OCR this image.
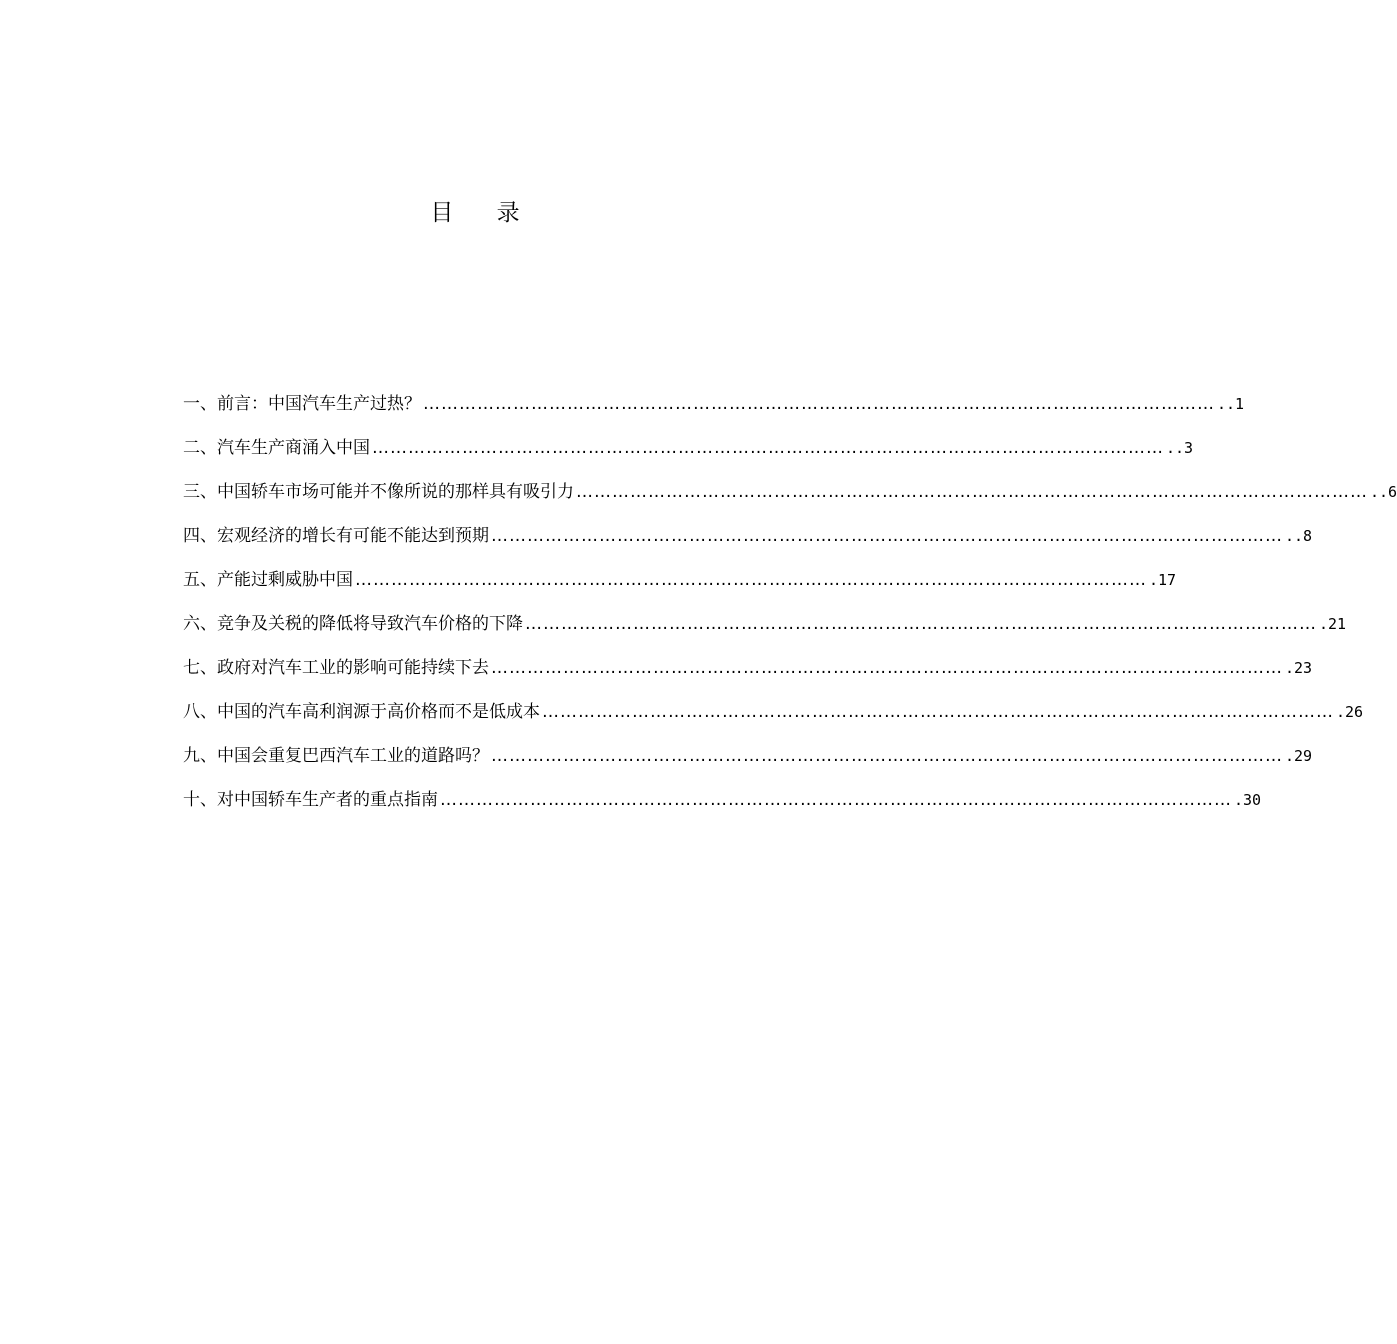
目 录
一、前言：中国汽车生产过热？ …………………………………………………………………………………………………………………… ..1
二、汽车生产商涌入中国 …………………………………………………………………………………………………………………… ..3
三、中国轿车市场可能并不像所说的那样具有吸引力 …………………………………………………………………………………………………………………… ..6
四、宏观经济的增长有可能不能达到预期 …………………………………………………………………………………………………………………… ..8
五、产能过剩威胁中国 …………………………………………………………………………………………………………………… .17
六、竞争及关税的降低将导致汽车价格的下降 …………………………………………………………………………………………………………………… .21
七、政府对汽车工业的影响可能持续下去 …………………………………………………………………………………………………………………… .23
八、中国的汽车高利润源于高价格而不是低成本 …………………………………………………………………………………………………………………… .26
九、中国会重复巴西汽车工业的道路吗？ …………………………………………………………………………………………………………………… .29
十、对中国轿车生产者的重点指南 …………………………………………………………………………………………………………………… .30
